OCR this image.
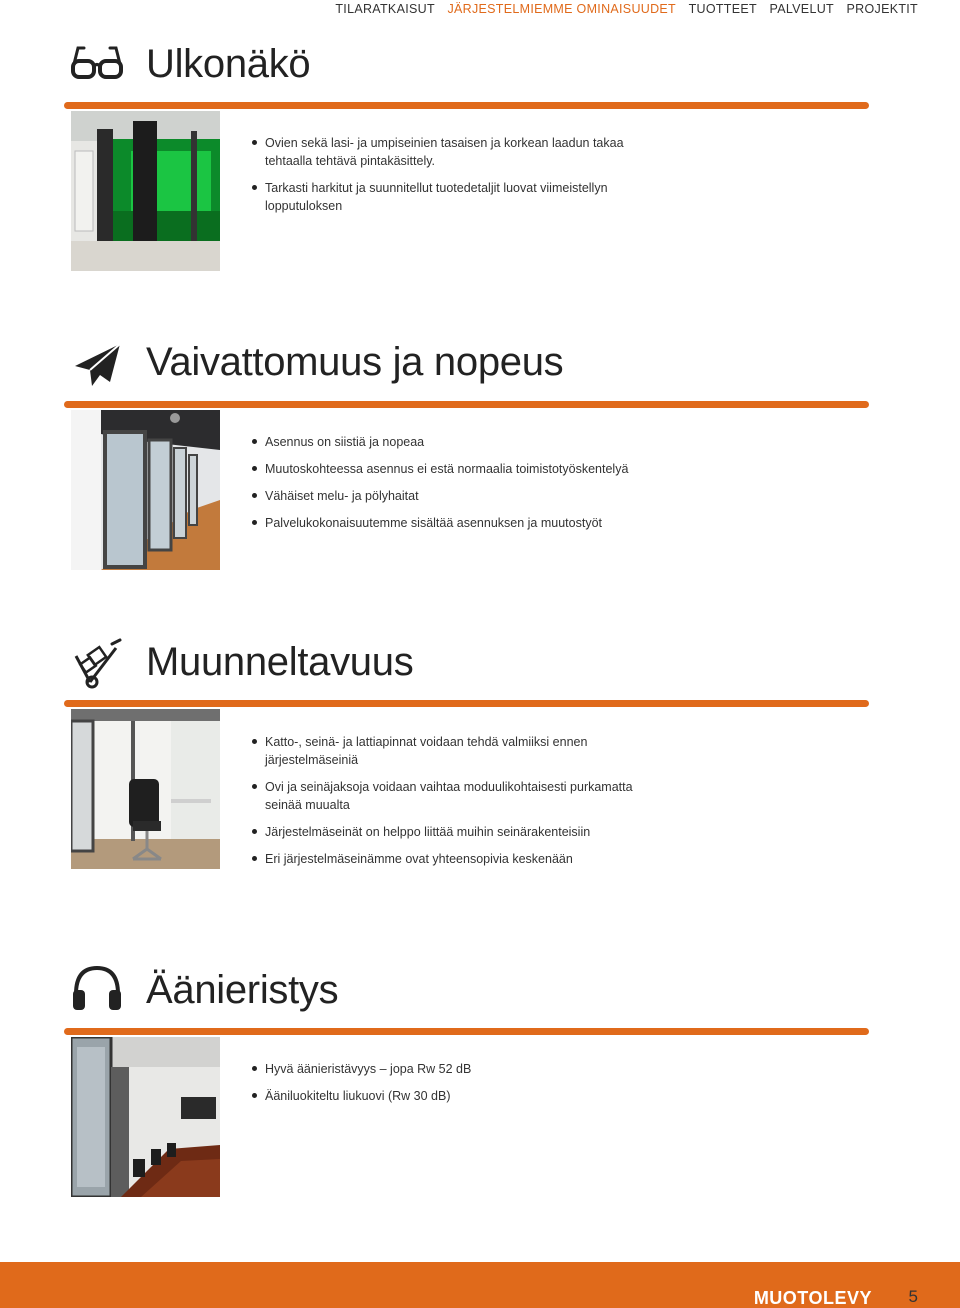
TILARATKAISUT JÄRJESTELMIEMME OMINAISUUDET TUOTTEET PALVELUT PROJEKTIT
Ulkonäkö
Ovien sekä lasi- ja umpiseinien tasaisen ja korkean laadun takaa tehtaalla tehtävä pintakäsittely.
Tarkasti harkitut ja suunnitellut tuotedetaljit luovat viimeistellyn lopputuloksen
Vaivattomuus ja nopeus
Asennus on siistiä ja nopeaa
Muutoskohteessa asennus ei estä normaalia toimistotyöskentelyä
Vähäiset melu- ja pölyhaitat
Palvelukokonaisuutemme sisältää asennuksen ja muutostyöt
Muunneltavuus
Katto-, seinä- ja lattiapinnat voidaan tehdä valmiiksi ennen järjestelmäseiniä
Ovi ja seinäjaksoja voidaan vaihtaa moduulikohtaisesti purkamatta seinää muualta
Järjestelmäseinät on helppo liittää muihin seinärakenteisiin
Eri järjestelmäseinämme ovat yhteensopivia keskenään
Äänieristys
Hyvä äänieristävyys – jopa Rw 52 dB
Ääniluokiteltu liukuovi (Rw 30 dB)
MUOTOLEVY 5
